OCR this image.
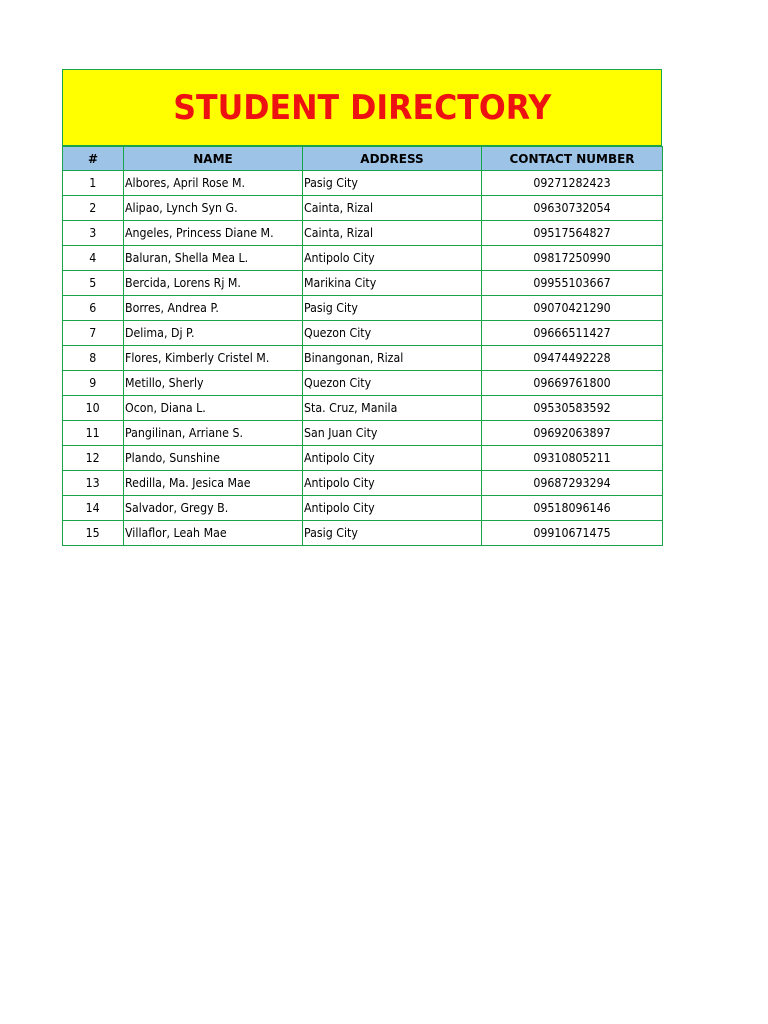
STUDENT DIRECTORY
#	NAME	ADDRESS	CONTACT NUMBER
1	Albores, April Rose M.	Pasig City	09271282423
2	Alipao, Lynch Syn G.	Cainta, Rizal	09630732054
3	Angeles, Princess Diane M.	Cainta, Rizal	09517564827
4	Baluran, Shella Mea L.	Antipolo City	09817250990
5	Bercida, Lorens Rj M.	Marikina City	09955103667
6	Borres, Andrea P.	Pasig City	09070421290
7	Delima, Dj P.	Quezon City	09666511427
8	Flores, Kimberly Cristel M.	Binangonan, Rizal	09474492228
9	Metillo, Sherly	Quezon City	09669761800
10	Ocon, Diana L.	Sta. Cruz, Manila	09530583592
11	Pangilinan, Arriane S.	San Juan City	09692063897
12	Plando, Sunshine	Antipolo City	09310805211
13	Redilla, Ma. Jesica Mae	Antipolo City	09687293294
14	Salvador, Gregy B.	Antipolo City	09518096146
15	Villaflor, Leah Mae	Pasig City	09910671475
